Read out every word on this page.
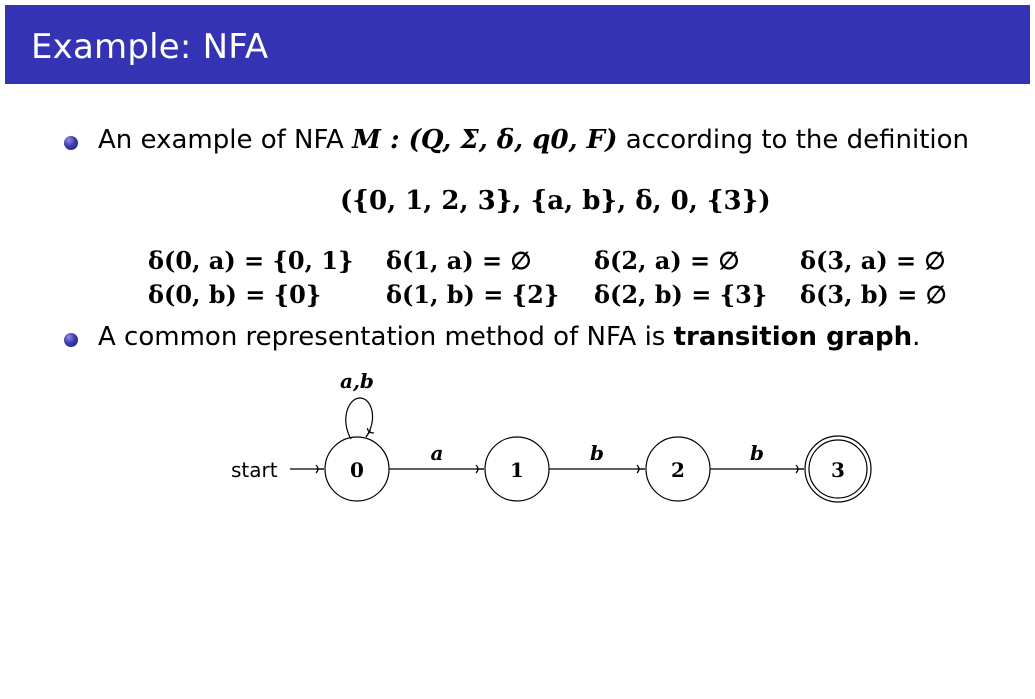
Example: NFA
An example of NFA M : (Q, Σ, δ, q0, F) according to the definition
({0, 1, 2, 3}, {a, b}, δ, 0, {3})
δ(0, a) = {0, 1} δ(1, a) = ∅	δ(2, a) = ∅	δ(3, a) = ∅
δ(0, b) = {0}	δ(1, b) = {2} δ(2, b) = {3} δ(3, b) = ∅
A common representation method of NFA is transition graph.
start
a,b
0	1	2	3
a	b	b
